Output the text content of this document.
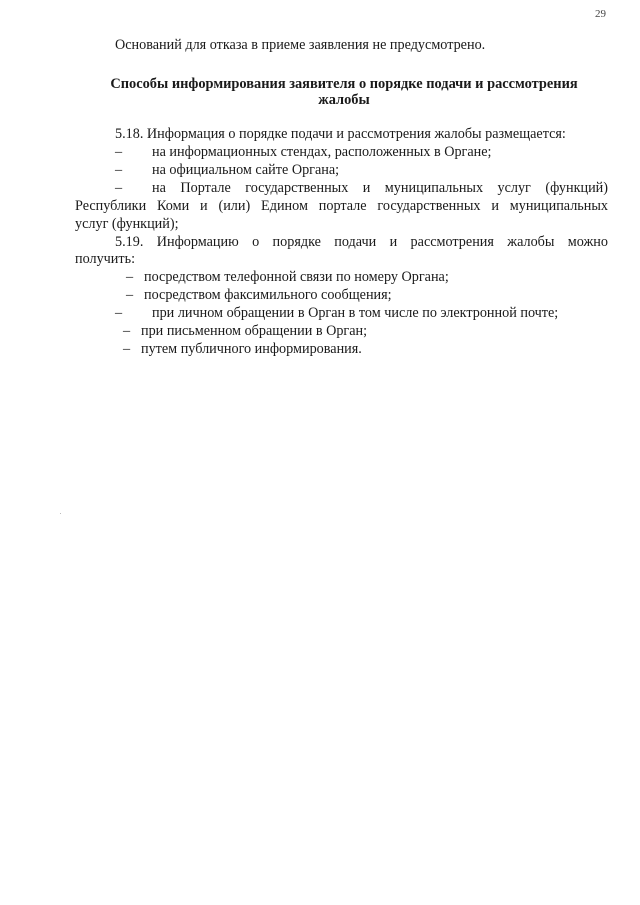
29
Оснований для отказа в приеме заявления не предусмотрено.
Способы информирования заявителя о порядке подачи и рассмотрения
жалобы
5.18. Информация о порядке подачи и рассмотрения жалобы размещается:
– на информационных стендах, расположенных в Органе;
– на официальном сайте Органа;
– на Портале государственных и муниципальных услуг (функций)
Республики Коми и (или) Едином портале государственных и муниципальных
услуг (функций);
5.19. Информацию о порядке подачи и рассмотрения жалобы можно
получить:
– посредством телефонной связи по номеру Органа;
– посредством факсимильного сообщения;
– при личном обращении в Орган в том числе по электронной почте;
– при письменном обращении в Орган;
– путем публичного информирования.
